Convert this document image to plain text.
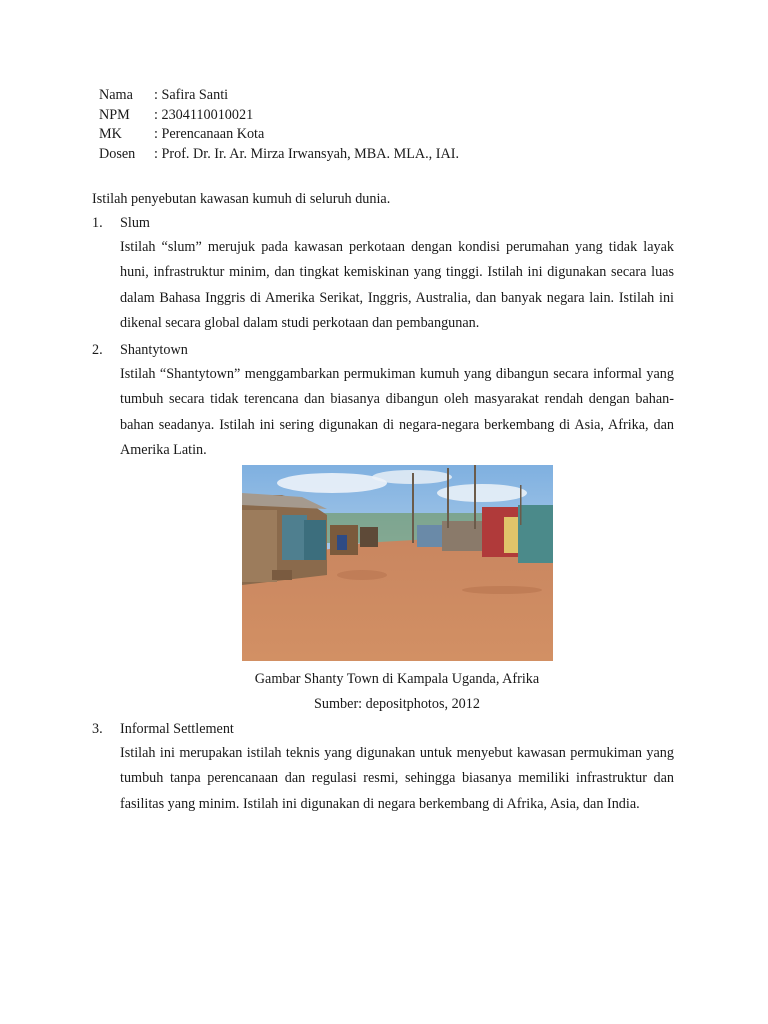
Nama	: Safira Santi
NPM	: 2304110010021
MK	: Perencanaan Kota
Dosen	: Prof. Dr. Ir. Ar. Mirza Irwansyah, MBA. MLA., IAI.
Istilah penyebutan kawasan kumuh di seluruh dunia.
1.	Slum
Istilah “slum” merujuk pada kawasan perkotaan dengan kondisi perumahan yang tidak layak huni, infrastruktur minim, dan tingkat kemiskinan yang tinggi. Istilah ini digunakan secara luas dalam Bahasa Inggris di Amerika Serikat, Inggris, Australia, dan banyak negara lain. Istilah ini dikenal secara global dalam studi perkotaan dan pembangunan.
2.	Shantytown
Istilah “Shantytown” menggambarkan permukiman kumuh yang dibangun secara informal yang tumbuh secara tidak terencana dan biasanya dibangun oleh masyarakat rendah dengan bahan-bahan seadanya. Istilah ini sering digunakan di negara-negara berkembang di Asia, Afrika, dan Amerika Latin.
Gambar Shanty Town di Kampala Uganda, Afrika
Sumber: depositphotos, 2012
3.	Informal Settlement
Istilah ini merupakan istilah teknis yang digunakan untuk menyebut kawasan permukiman yang tumbuh tanpa perencanaan dan regulasi resmi, sehingga biasanya memiliki infrastruktur dan fasilitas yang minim. Istilah ini digunakan di negara berkembang di Afrika, Asia, dan India.
